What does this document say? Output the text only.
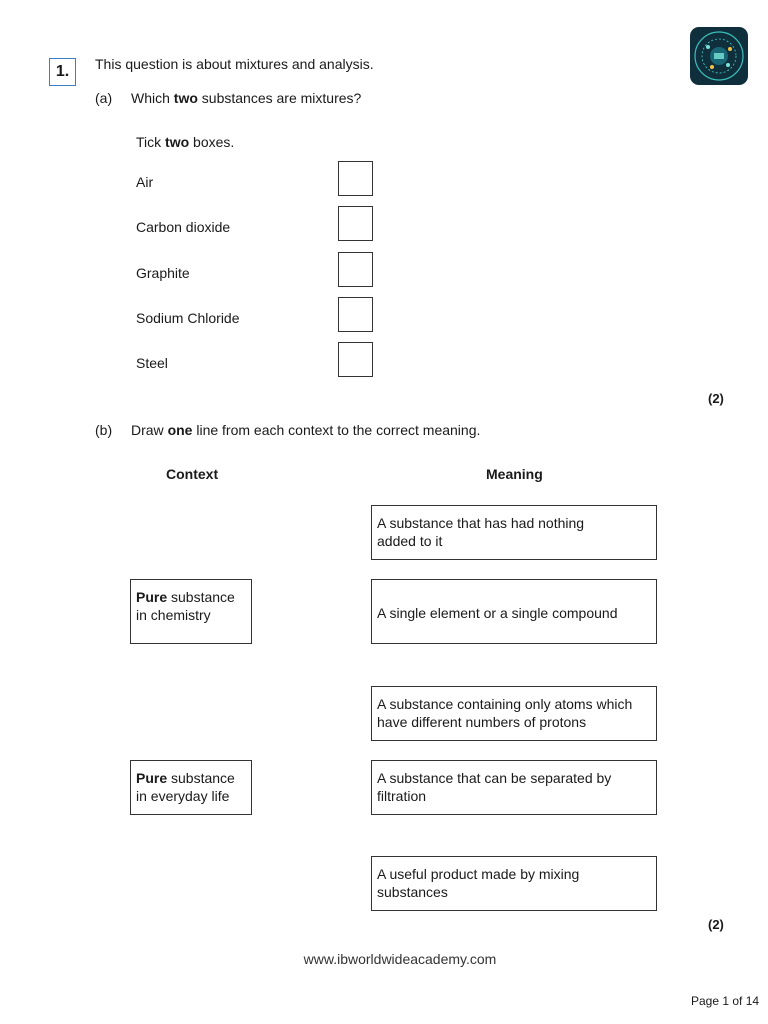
1.	This question is about mixtures and analysis.
(a) Which two substances are mixtures?
Tick two boxes.
Air
Carbon dioxide
Graphite
Sodium Chloride
Steel
(2)
(b) Draw one line from each context to the correct meaning.
Context	Meaning
Pure substance
in chemistry
Pure substance
in everyday life
A substance that has had nothing added to it
A single element or a single compound
A substance containing only atoms which have different numbers of protons
A substance that can be separated by filtration
A useful product made by mixing substances
(2)
www.ibworldwideacademy.com
Page 1 of 14
